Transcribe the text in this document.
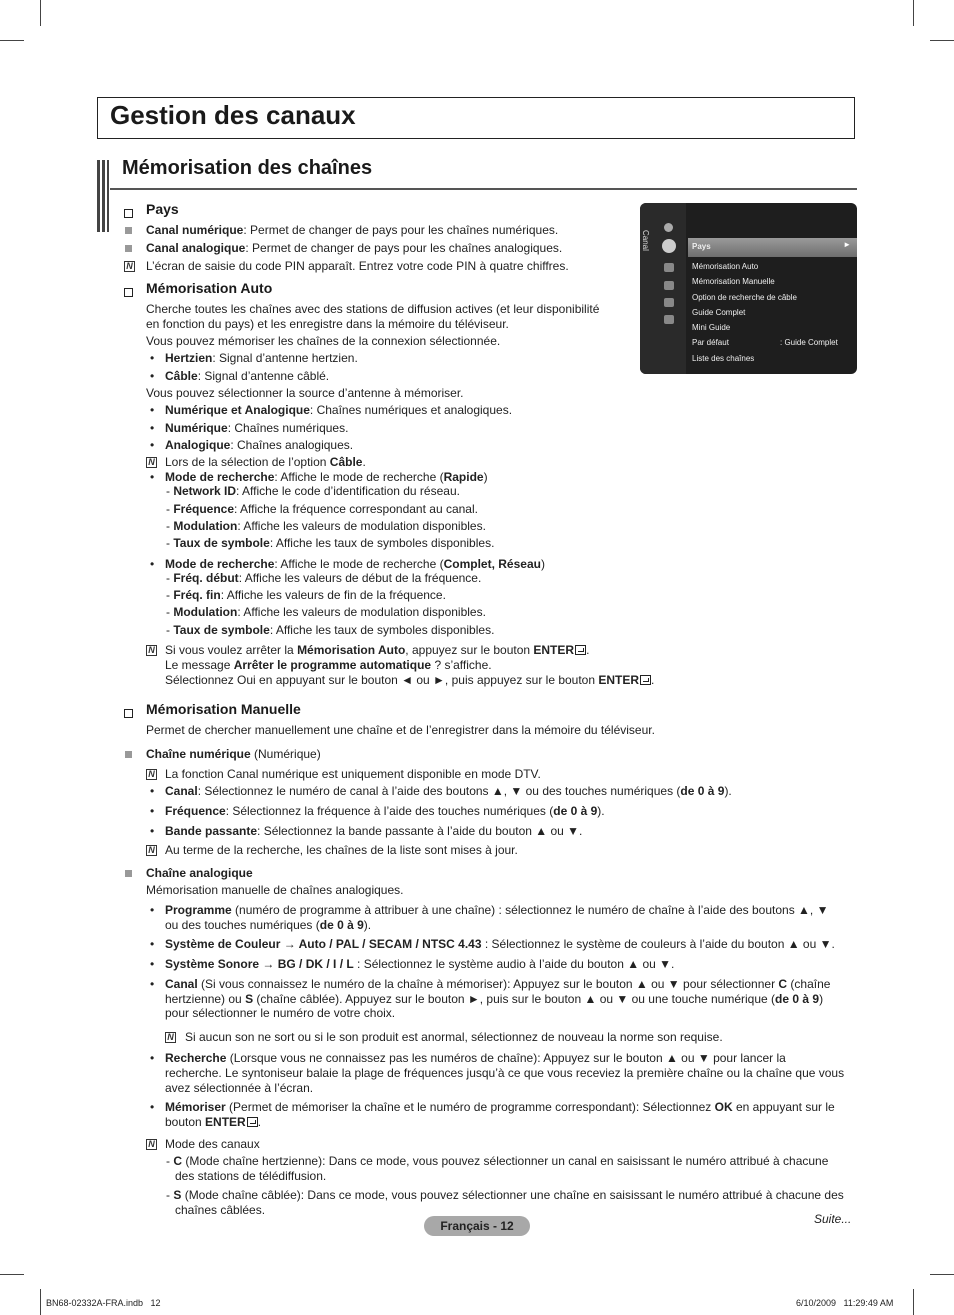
Gestion des canaux
Mémorisation des chaînes
Pays
Canal numérique: Permet de changer de pays pour les chaînes numériques.
Canal analogique: Permet de changer de pays pour les chaînes analogiques.
N L’écran de saisie du code PIN apparaît. Entrez votre code PIN à quatre chiffres.
Mémorisation Auto
Cherche toutes les chaînes avec des stations de diffusion actives (et leur disponibilité
en fonction du pays) et les enregistre dans la mémoire du téléviseur.
Vous pouvez mémoriser les chaînes de la connexion sélectionnée.
• Hertzien: Signal d’antenne hertzien.
• Câble: Signal d’antenne câblé.
Vous pouvez sélectionner la source d’antenne à mémoriser.
• Numérique et Analogique: Chaînes numériques et analogiques.
• Numérique: Chaînes numériques.
• Analogique: Chaînes analogiques.
N Lors de la sélection de l’option Câble.
• Mode de recherche: Affiche le mode de recherche (Rapide)
- Network ID: Affiche le code d’identification du réseau.
- Fréquence: Affiche la fréquence correspondant au canal.
- Modulation: Affiche les valeurs de modulation disponibles.
- Taux de symbole: Affiche les taux de symboles disponibles.
• Mode de recherche: Affiche le mode de recherche (Complet, Réseau)
- Fréq. début: Affiche les valeurs de début de la fréquence.
- Fréq. fin: Affiche les valeurs de fin de la fréquence.
- Modulation: Affiche les valeurs de modulation disponibles.
- Taux de symbole: Affiche les taux de symboles disponibles.
N Si vous voulez arrêter la Mémorisation Auto, appuyez sur le bouton ENTER .
Le message Arrêter le programme automatique ? s’affiche.
Sélectionnez Oui en appuyant sur le bouton ◄ ou ►, puis appuyez sur le bouton ENTER .
Mémorisation Manuelle
Permet de chercher manuellement une chaîne et de l’enregistrer dans la mémoire du téléviseur.
Chaîne numérique (Numérique)
N La fonction Canal numérique est uniquement disponible en mode DTV.
• Canal: Sélectionnez le numéro de canal à l’aide des boutons ▲, ▼ ou des touches numériques (de 0 à 9).
• Fréquence: Sélectionnez la fréquence à l’aide des touches numériques (de 0 à 9).
• Bande passante: Sélectionnez la bande passante à l’aide du bouton ▲ ou ▼.
N Au terme de la recherche, les chaînes de la liste sont mises à jour.
Chaîne analogique
Mémorisation manuelle de chaînes analogiques.
• Programme (numéro de programme à attribuer à une chaîne) : sélectionnez le numéro de chaîne à l’aide des boutons ▲, ▼
ou des touches numériques (de 0 à 9).
• Système de Couleur → Auto / PAL / SECAM / NTSC 4.43 : Sélectionnez le système de couleurs à l’aide du bouton ▲ ou ▼.
• Système Sonore → BG / DK / I / L : Sélectionnez le système audio à l’aide du bouton ▲ ou ▼.
• Canal (Si vous connaissez le numéro de la chaîne à mémoriser): Appuyez sur le bouton ▲ ou ▼ pour sélectionner C (chaîne
hertzienne) ou S (chaîne câblée). Appuyez sur le bouton ►, puis sur le bouton ▲ ou ▼ ou une touche numérique (de 0 à 9)
pour sélectionner le numéro de votre choix.
N Si aucun son ne sort ou si le son produit est anormal, sélectionnez de nouveau la norme son requise.
• Recherche (Lorsque vous ne connaissez pas les numéros de chaîne): Appuyez sur le bouton ▲ ou ▼ pour lancer la
recherche. Le syntoniseur balaie la plage de fréquences jusqu’à ce que vous receviez la première chaîne ou la chaîne que vous
avez sélectionnée à l’écran.
• Mémoriser (Permet de mémoriser la chaîne et le numéro de programme correspondant): Sélectionnez OK en appuyant sur le
bouton ENTER .
N Mode des canaux
- C (Mode chaîne hertzienne): Dans ce mode, vous pouvez sélectionner un canal en saisissant le numéro attribué à chacune
des stations de télédiffusion.
- S (Mode chaîne câblée): Dans ce mode, vous pouvez sélectionner une chaîne en saisissant le numéro attribué à chacune des
chaînes câblées.
Canal	Pays	►
Mémorisation Auto
Mémorisation Manuelle
Option de recherche de câble
Guide Complet
Mini Guide
Par défaut	: Guide Complet
Liste des chaînes
Français - 12	Suite...
BN68-02332A-FRA.indb   12	6/10/2009   11:29:49 AM
